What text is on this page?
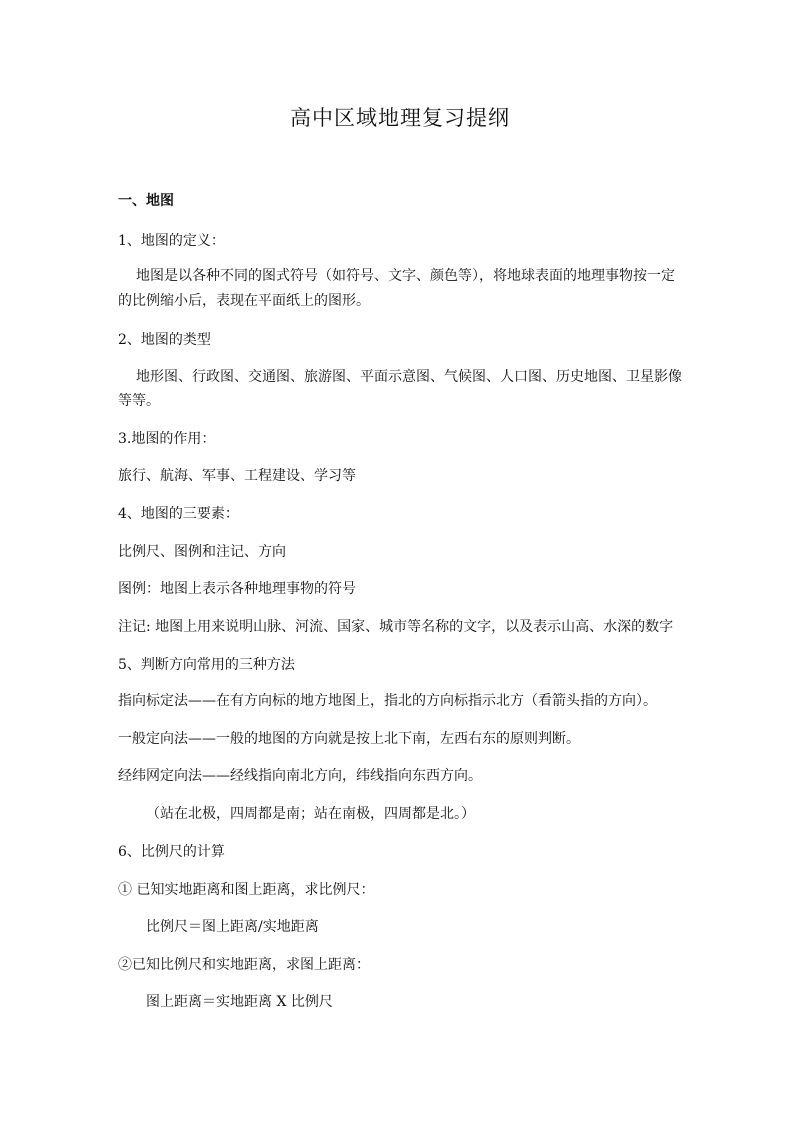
高中区域地理复习提纲
一、地图
1、地图的定义：
地图是以各种不同的图式符号（如符号、文字、颜色等），将地球表面的地理事物按一定
的比例缩小后，表现在平面纸上的图形。
2、地图的类型
地形图、行政图、交通图、旅游图、平面示意图、气候图、人口图、历史地图、卫星影像
等等。
3.地图的作用：
旅行、航海、军事、工程建设、学习等
4、地图的三要素：
比例尺、图例和注记、方向
图例：地图上表示各种地理事物的符号
注记: 地图上用来说明山脉、河流、国家、城市等名称的文字，以及表示山高、水深的数字
5、判断方向常用的三种方法
指向标定法——在有方向标的地方地图上，指北的方向标指示北方（看箭头指的方向）。
一般定向法——一般的地图的方向就是按上北下南，左西右东的原则判断。
经纬网定向法——经线指向南北方向，纬线指向东西方向。
（站在北极，四周都是南；站在南极，四周都是北。）
6、比例尺的计算
① 已知实地距离和图上距离，求比例尺：
比例尺＝图上距离/实地距离
②已知比例尺和实地距离，求图上距离：
图上距离＝实地距离 X 比例尺
